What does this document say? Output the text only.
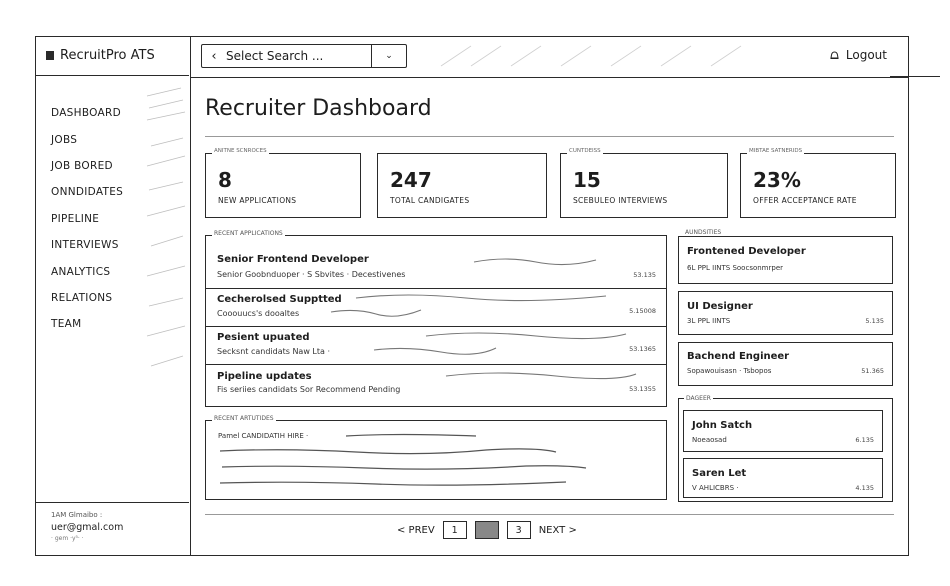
RecruitPro ATS
DASHBOARD
JOBS
JOB BORED
ONNDIDATES
PIPELINE
INTERVIEWS
ANALYTICS
RELATIONS
TEAM
1AM Glmaibo :
uer@gmal.com
· gem ·y⁵· ·
‹ Select Search ...	⌄	Logout
Recruiter Dashboard
ANITNE SCNROCES
8
NEW APPLICATIONS
247
TOTAL CANDIGATES
CUNTDEISS
15
SCEBULEO INTERVIEWS
MIBTAE SATNERIDS
23%
OFFER ACCEPTANCE RATE
RECENT APPLICATIONS
Senior Frontend Developer
Senior Goobnduoper · S Sbvites · Decestivenes	53.135
Cecherolsed Supptted
Cooouucs's dooaltes	5.15008
Pesient upuated
Secksnt candidats Naw Lta ·	53.1365
Pipeline updates
Fis seriies candidats Sor Recommend Pending	53.1355
RECENT ARTUTIDES
Pamel CANDIDATIH HIRE ·
AUNDSITIES
Frontened Developer
6L PPL IINTS Soocsonmrper
UI Designer
3L PPL IINTS	5.135
Bachend Engineer
Sopawouisasn · Tsbopos	51.365
DAGEER
John Satch
Noeaosad	6.135
Saren Let
V AHLICBRS ·	4.135
< PREV	1	3	NEXT >
